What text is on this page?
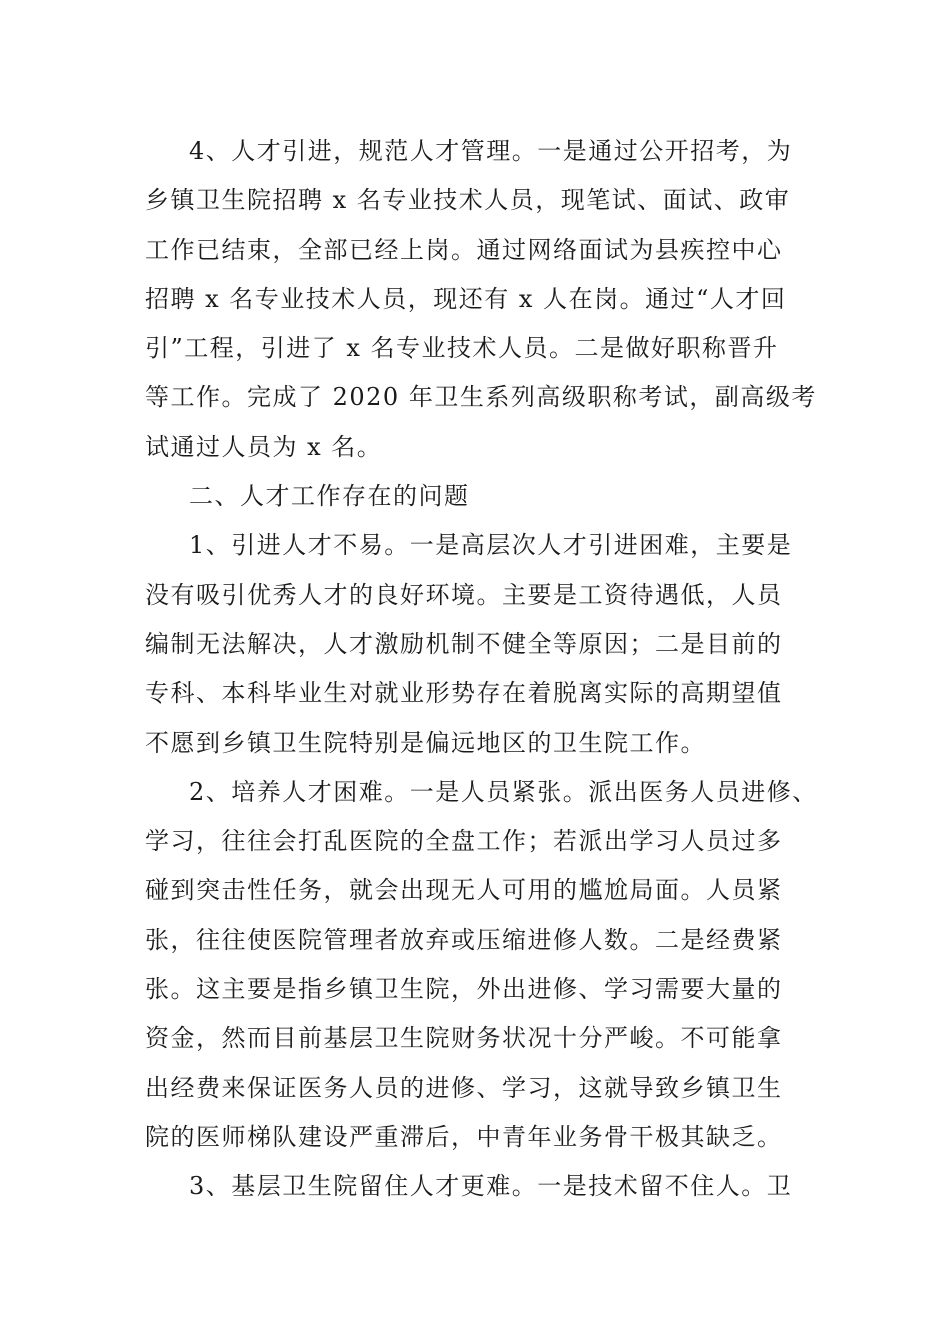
4、人才引进，规范人才管理。一是通过公开招考，为
乡镇卫生院招聘 x 名专业技术人员，现笔试、面试、政审
工作已结束，全部已经上岗。通过网络面试为县疾控中心
招聘 x 名专业技术人员，现还有 x 人在岗。通过“人才回
引”工程，引进了 x 名专业技术人员。二是做好职称晋升
等工作。完成了 2020 年卫生系列高级职称考试，副高级考
试通过人员为 x 名。
二、人才工作存在的问题
1、引进人才不易。一是高层次人才引进困难，主要是
没有吸引优秀人才的良好环境。主要是工资待遇低，人员
编制无法解决，人才激励机制不健全等原因；二是目前的
专科、本科毕业生对就业形势存在着脱离实际的高期望值
不愿到乡镇卫生院特别是偏远地区的卫生院工作。
2、培养人才困难。一是人员紧张。派出医务人员进修、
学习，往往会打乱医院的全盘工作；若派出学习人员过多
碰到突击性任务，就会出现无人可用的尴尬局面。人员紧
张，往往使医院管理者放弃或压缩进修人数。二是经费紧
张。这主要是指乡镇卫生院，外出进修、学习需要大量的
资金，然而目前基层卫生院财务状况十分严峻。不可能拿
出经费来保证医务人员的进修、学习，这就导致乡镇卫生
院的医师梯队建设严重滞后，中青年业务骨干极其缺乏。
3、基层卫生院留住人才更难。一是技术留不住人。卫
